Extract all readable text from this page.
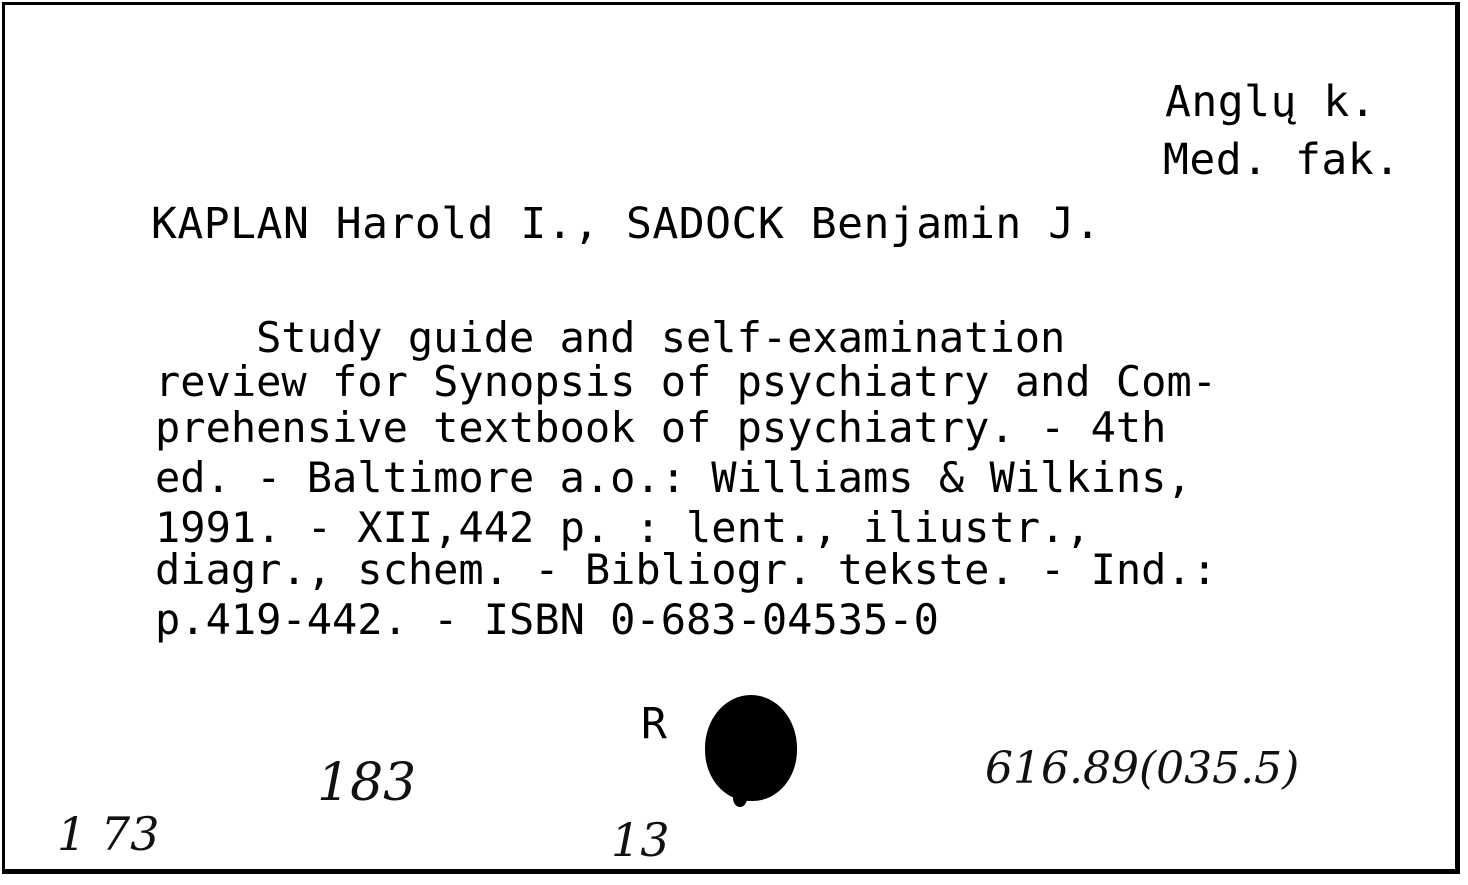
Anglų k.
Med. fak.
KAPLAN Harold I., SADOCK Benjamin J.
Study guide and self-examination
review for Synopsis of psychiatry and Com-
prehensive textbook of psychiatry. - 4th
ed. - Baltimore a.o.: Williams & Wilkins,
1991. - XII,442 p. : lent., iliustr.,
diagr., schem. - Bibliogr. tekste. - Ind.:
p.419-442. - ISBN 0-683-04535-0
R
183	616.89(035.5)
1 73	13
